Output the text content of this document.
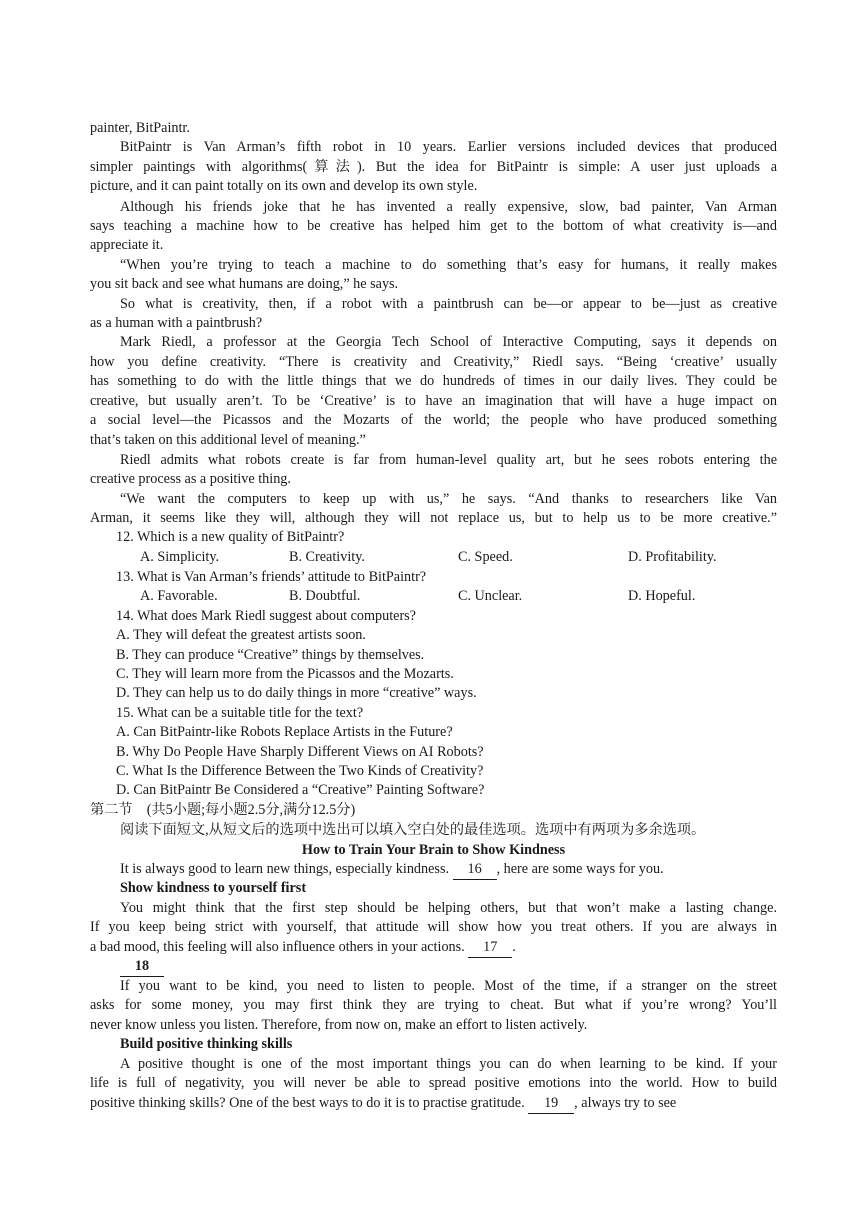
painter, BitPaintr.
BitPaintr is Van Arman’s fifth robot in 10 years. Earlier versions included devices that produced
simpler paintings with algorithms(算法). But the idea for BitPaintr is simple: A user just uploads a
picture, and it can paint totally on its own and develop its own style.
Although his friends joke that he has invented a really expensive, slow, bad painter, Van Arman
says teaching a machine how to be creative has helped him get to the bottom of what creativity is—and
appreciate it.
“When you’re trying to teach a machine to do something that’s easy for humans, it really makes
you sit back and see what humans are doing,” he says.
So what is creativity, then, if a robot with a paintbrush can be—or appear to be—just as creative
as a human with a paintbrush?
Mark Riedl, a professor at the Georgia Tech School of Interactive Computing, says it depends on
how you define creativity. “There is creativity and Creativity,” Riedl says. “Being ‘creative’ usually
has something to do with the little things that we do hundreds of times in our daily lives. They could be
creative, but usually aren’t. To be ‘Creative’ is to have an imagination that will have a huge impact on
a social level—the Picassos and the Mozarts of the world; the people who have produced something
that’s taken on this additional level of meaning.”
Riedl admits what robots create is far from human-level quality art, but he sees robots entering the
creative process as a positive thing.
“We want the computers to keep up with us,” he says. “And thanks to researchers like Van
Arman, it seems like they will, although they will not replace us, but to help us to be more creative.”
12. Which is a new quality of BitPaintr?
A. Simplicity.	B. Creativity.	C. Speed.	D. Profitability.
13. What is Van Arman’s friends’ attitude to BitPaintr?
A. Favorable.	B. Doubtful.	C. Unclear.	D. Hopeful.
14. What does Mark Riedl suggest about computers?
A. They will defeat the greatest artists soon.
B. They can produce “Creative” things by themselves.
C. They will learn more from the Picassos and the Mozarts.
D. They can help us to do daily things in more “creative” ways.
15. What can be a suitable title for the text?
A. Can BitPaintr-like Robots Replace Artists in the Future?
B. Why Do People Have Sharply Different Views on AI Robots?
C. What Is the Difference Between the Two Kinds of Creativity?
D. Can BitPaintr Be Considered a “Creative” Painting Software?
第二节　(共5小题;每小题2.5分,满分12.5分)
阅读下面短文,从短文后的选项中选出可以填入空白处的最佳选项。选项中有两项为多余选项。
How to Train Your Brain to Show Kindness
It is always good to learn new things, especially kindness. 16 , here are some ways for you.
Show kindness to yourself first
You might think that the first step should be helping others, but that won’t make a lasting change.
If you keep being strict with yourself, that attitude will show how you treat others. If you are always in
a bad mood, this feeling will also influence others in your actions. 17 .
18
If you want to be kind, you need to listen to people. Most of the time, if a stranger on the street
asks for some money, you may first think they are trying to cheat. But what if you’re wrong? You’ll
never know unless you listen. Therefore, from now on, make an effort to listen actively.
Build positive thinking skills
A positive thought is one of the most important things you can do when learning to be kind. If your
life is full of negativity, you will never be able to spread positive emotions into the world. How to build
positive thinking skills? One of the best ways to do it is to practise gratitude. 19 , always try to see
